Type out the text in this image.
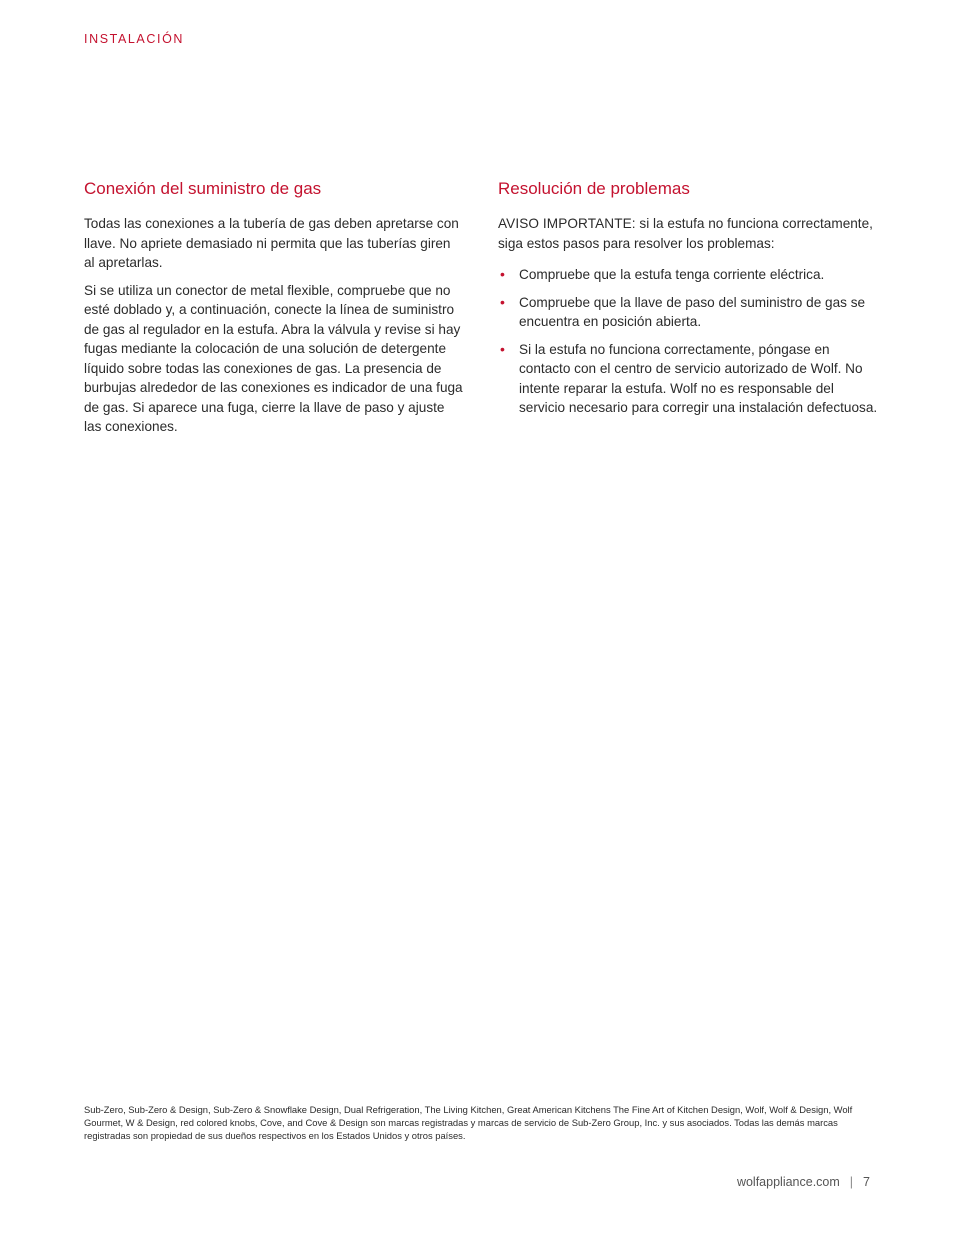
INSTALACIÓN
Conexión del suministro de gas

Todas las conexiones a la tubería de gas deben apretarse con llave. No apriete demasiado ni permita que las tuberías giren al apretarlas.

Si se utiliza un conector de metal flexible, compruebe que no esté doblado y, a continuación, conecte la línea de suministro de gas al regulador en la estufa. Abra la válvula y revise si hay fugas mediante la colocación de una solución de detergente líquido sobre todas las conexiones de gas. La presencia de burbujas alrededor de las conexiones es indicador de una fuga de gas. Si aparece una fuga, cierre la llave de paso y ajuste las conexiones.

Resolución de problemas

AVISO IMPORTANTE: si la estufa no funciona correctamente, siga estos pasos para resolver los problemas:

• Compruebe que la estufa tenga corriente eléctrica.
• Compruebe que la llave de paso del suministro de gas se encuentra en posición abierta.
• Si la estufa no funciona correctamente, póngase en contacto con el centro de servicio autorizado de Wolf. No intente reparar la estufa. Wolf no es responsable del servicio necesario para corregir una instalación defectuosa.
Sub-Zero, Sub-Zero & Design, Sub-Zero & Snowflake Design, Dual Refrigeration, The Living Kitchen, Great American Kitchens The Fine Art of Kitchen Design, Wolf, Wolf & Design, Wolf Gourmet, W & Design, red colored knobs, Cove, and Cove & Design son marcas registradas y marcas de servicio de Sub-Zero Group, Inc. y sus asociados. Todas las demás marcas registradas son propiedad de sus dueños respectivos en los Estados Unidos y otros países.
wolfappliance.com | 7
